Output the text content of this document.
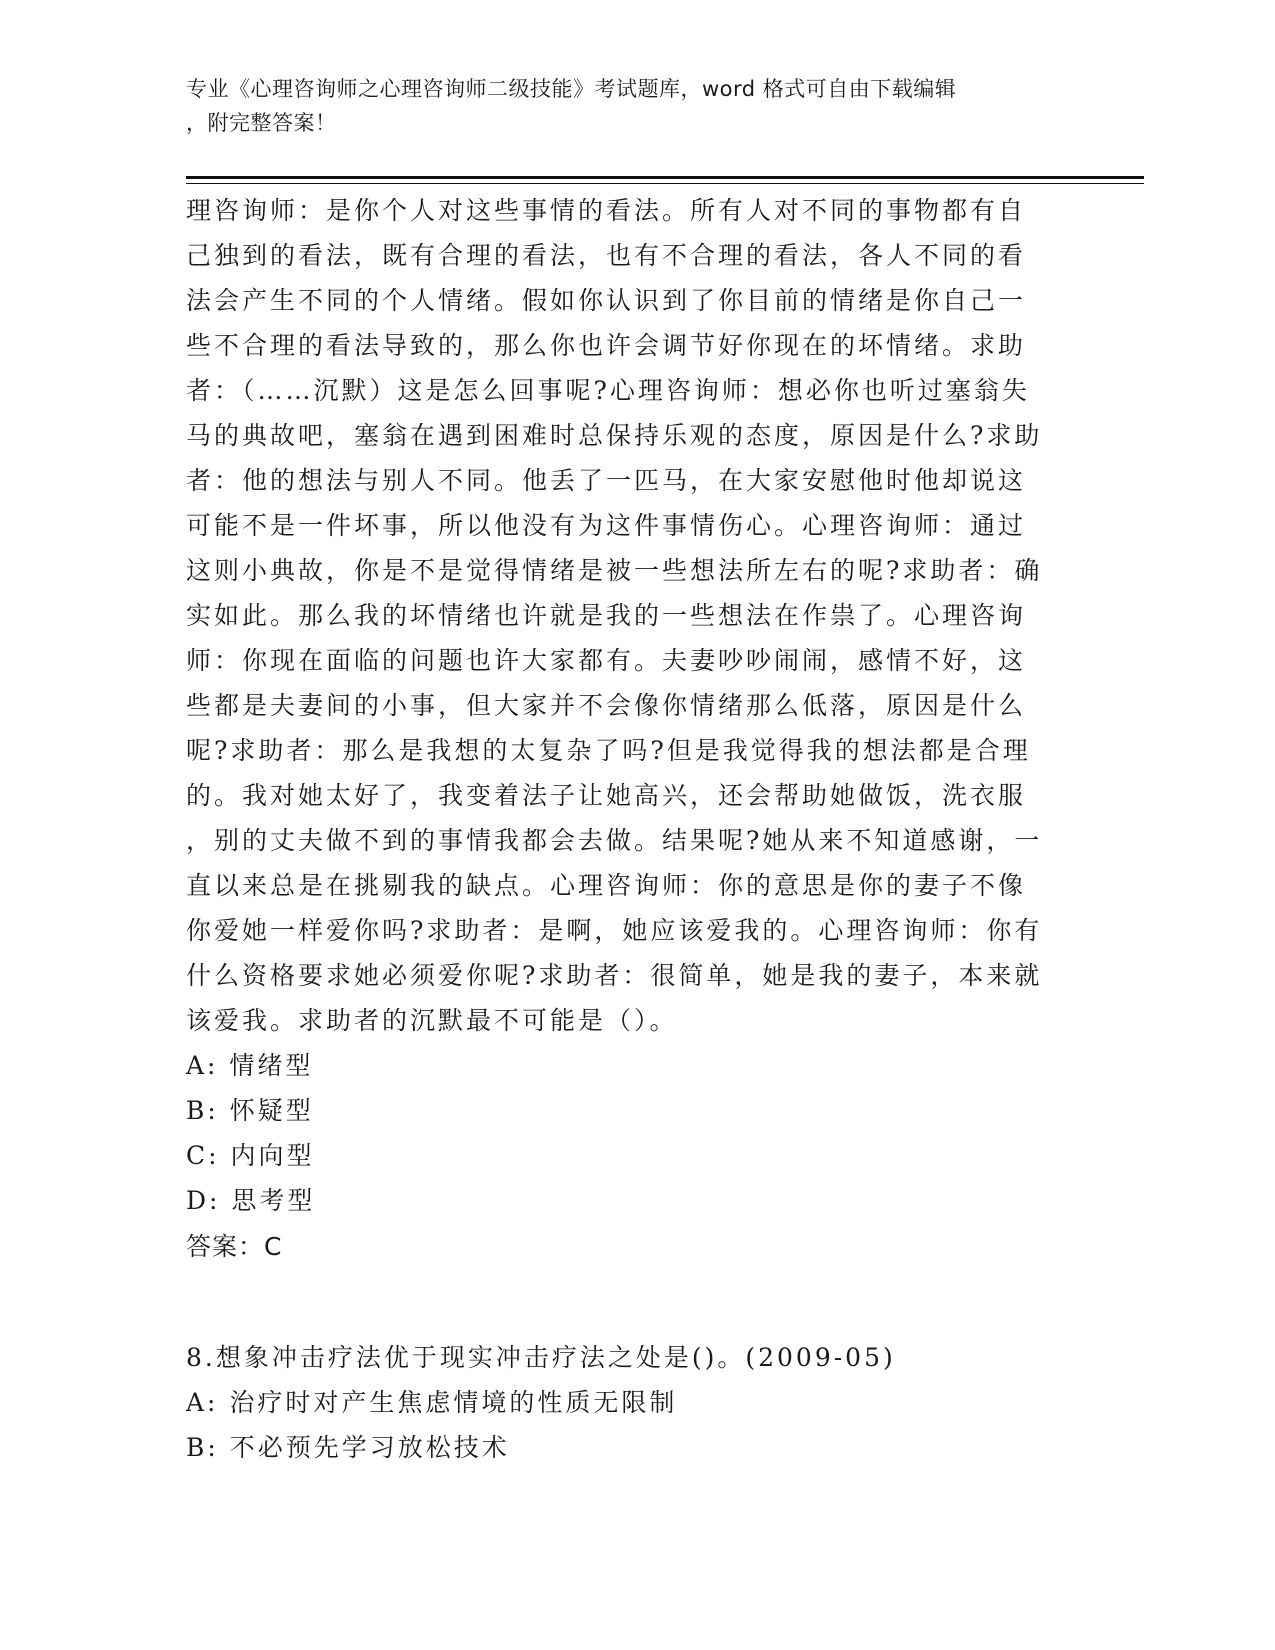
专业《心理咨询师之心理咨询师二级技能》考试题库，word 格式可自由下载编辑
，附完整答案！
理咨询师：是你个人对这些事情的看法。所有人对不同的事物都有自
己独到的看法，既有合理的看法，也有不合理的看法，各人不同的看
法会产生不同的个人情绪。假如你认识到了你目前的情绪是你自己一
些不合理的看法导致的，那么你也许会调节好你现在的坏情绪。求助
者：（……沉默）这是怎么回事呢?心理咨询师：想必你也听过塞翁失
马的典故吧，塞翁在遇到困难时总保持乐观的态度，原因是什么?求助
者：他的想法与别人不同。他丢了一匹马，在大家安慰他时他却说这
可能不是一件坏事，所以他没有为这件事情伤心。心理咨询师：通过
这则小典故，你是不是觉得情绪是被一些想法所左右的呢?求助者：确
实如此。那么我的坏情绪也许就是我的一些想法在作祟了。心理咨询
师：你现在面临的问题也许大家都有。夫妻吵吵闹闹，感情不好，这
些都是夫妻间的小事，但大家并不会像你情绪那么低落，原因是什么
呢?求助者：那么是我想的太复杂了吗?但是我觉得我的想法都是合理
的。我对她太好了，我变着法子让她高兴，还会帮助她做饭，洗衣服
，别的丈夫做不到的事情我都会去做。结果呢?她从来不知道感谢，一
直以来总是在挑剔我的缺点。心理咨询师：你的意思是你的妻子不像
你爱她一样爱你吗?求助者：是啊，她应该爱我的。心理咨询师：你有
什么资格要求她必须爱你呢?求助者：很简单，她是我的妻子，本来就
该爱我。求助者的沉默最不可能是（）。
A: 情绪型
B: 怀疑型
C: 内向型
D: 思考型
答案：C
8.想象冲击疗法优于现实冲击疗法之处是()。(2009-05)
A: 治疗时对产生焦虑情境的性质无限制
B: 不必预先学习放松技术
